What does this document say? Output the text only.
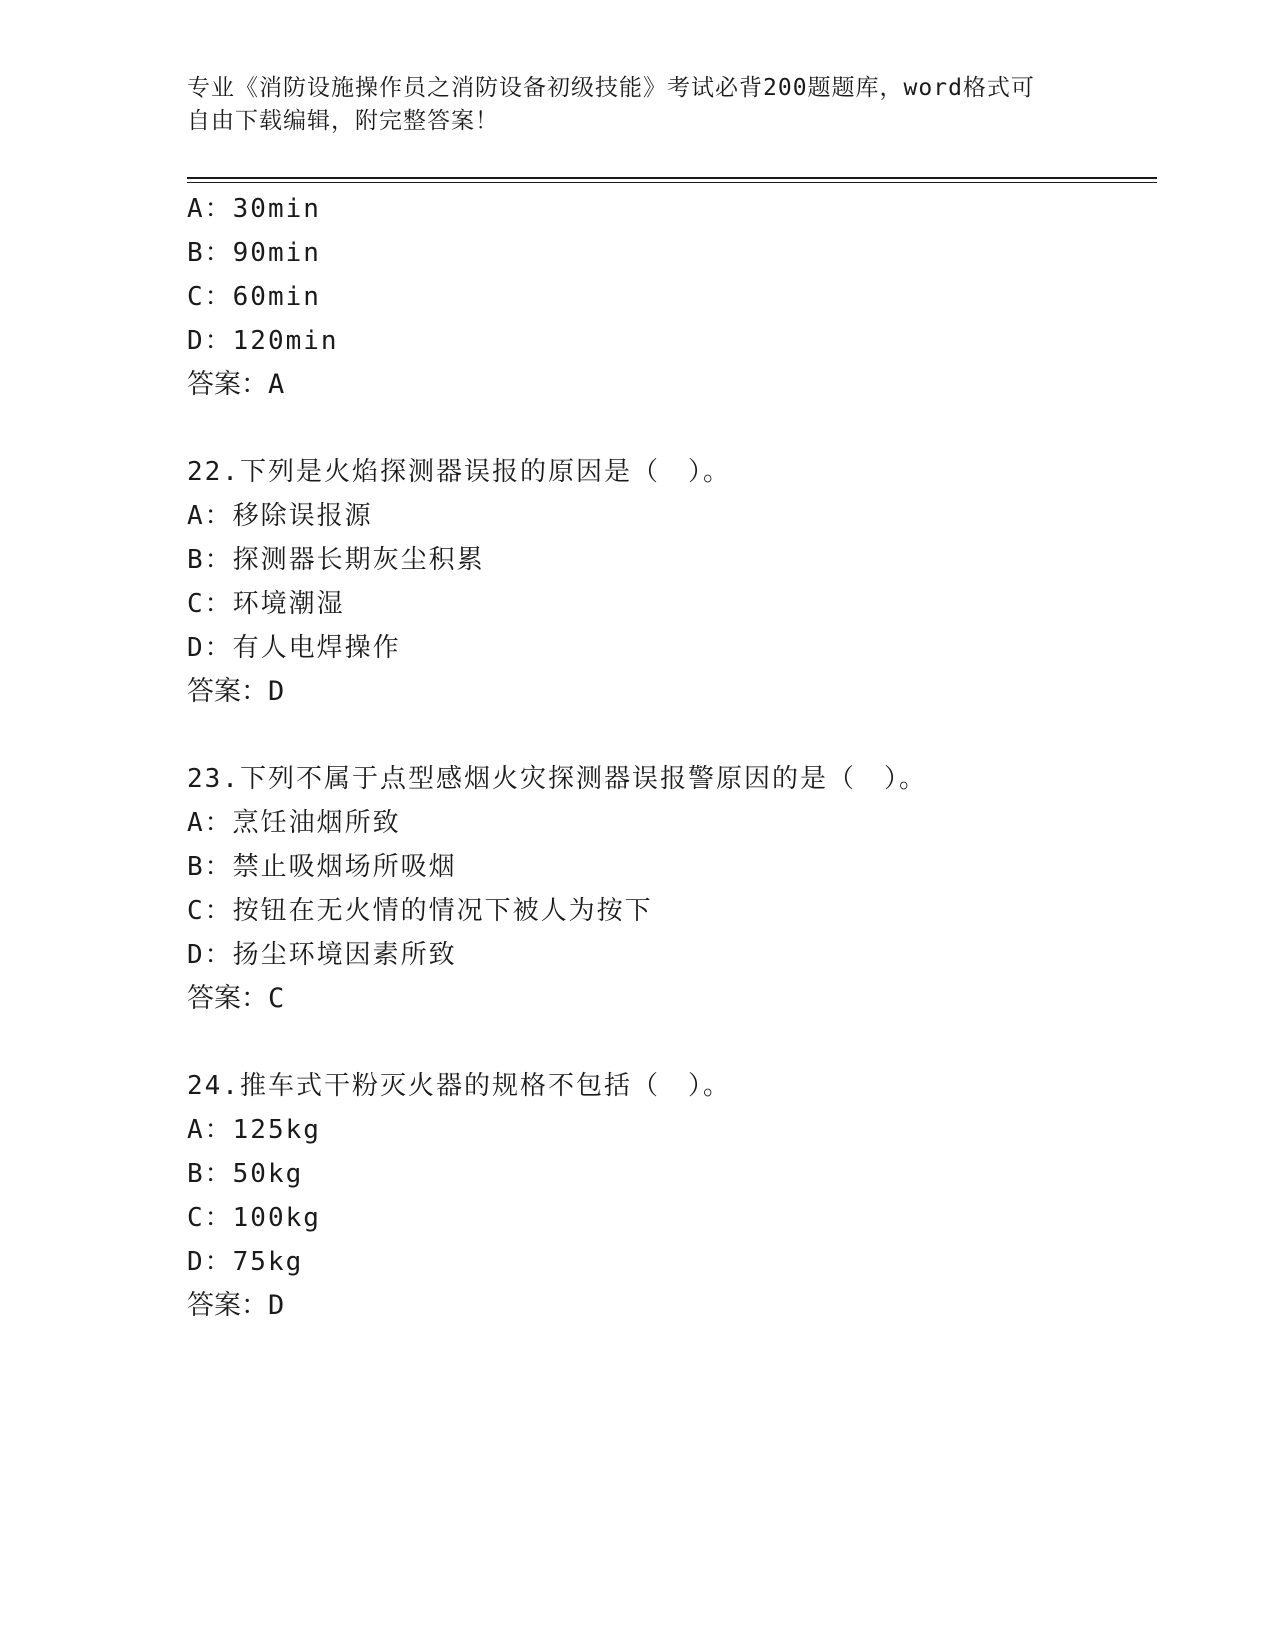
专业《消防设施操作员之消防设备初级技能》考试必背200题题库，word格式可
自由下载编辑，附完整答案！
A：30min
B：90min
C：60min
D：120min
答案：A
22.下列是火焰探测器误报的原因是（　）。
A：移除误报源
B：探测器长期灰尘积累
C：环境潮湿
D：有人电焊操作
答案：D
23.下列不属于点型感烟火灾探测器误报警原因的是（　）。
A：烹饪油烟所致
B：禁止吸烟场所吸烟
C：按钮在无火情的情况下被人为按下
D：扬尘环境因素所致
答案：C
24.推车式干粉灭火器的规格不包括（　）。
A：125kg
B：50kg
C：100kg
D：75kg
答案：D
